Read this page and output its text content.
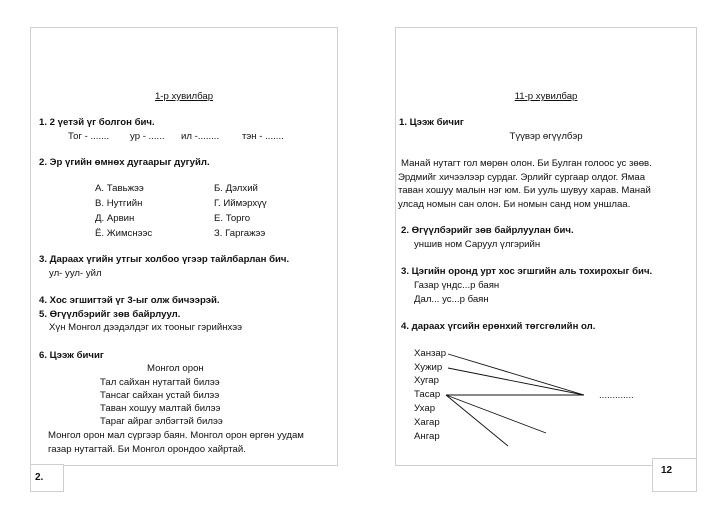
1-р хувилбар
1. 2 үетэй үг болгон бич.
Тог - ....... ур - ...... ил -........ тэн - .......
2. Эр үгийн өмнөх дугаарыг дугуйл.
А. Тавьжээ	Б. Дэлхий
В. Нутгийн	Г. Иймэрхүү
Д. Арвин	Е. Торго
Ё. Жимснээс	З. Гаргажээ
3. Дараах үгийн утгыг холбоо үгээр тайлбарлан бич.
ул- уул- уйл
4. Хос эгшигтэй үг 3-ыг олж бичээрэй.
5. Өгүүлбэрийг зөв байрлуул.
Хүн Монгол дээдэлдэг их тооныг гэрийнхээ
6. Цээж бичиг
Монгол орон
Тал сайхан нутагтай билээ
Тансаг сайхан устай билээ
Таван хошуу малтай билээ
Тараг айраг элбэгтэй билээ
Монгол орон мал сүргээр баян. Монгол орон өргөн уудам
газар нутагтай. Би Монгол орондоо хайртай.
2.
11-р хувилбар
1. Цээж бичиг
Түүвэр өгүүлбэр
Манай нутагт гол мөрөн олон. Би Булган голоос ус зөөв.
Эрдмийг хичээлээр сурдаг. Эрлийг сургаар олдог. Ямаа
таван хошуу малын нэг юм. Би ууль шувуу харав. Манай
улсад номын сан олон. Би номын санд ном уншлаа.
2. Өгүүлбэрийг зөв байрлуулан бич.
уншив ном Саруул үлгэрийн
3. Цэгийн оронд урт хос эгшгийн аль тохирохыг бич.
Газар үндс...р баян
Дал... ус...р баян
4. дараах үгсийн ерөнхий төгсгөлийн ол.
Ханзар
Хужир
Хугар
Тасар
Ухар
Хагар
Ангар
.............
12
